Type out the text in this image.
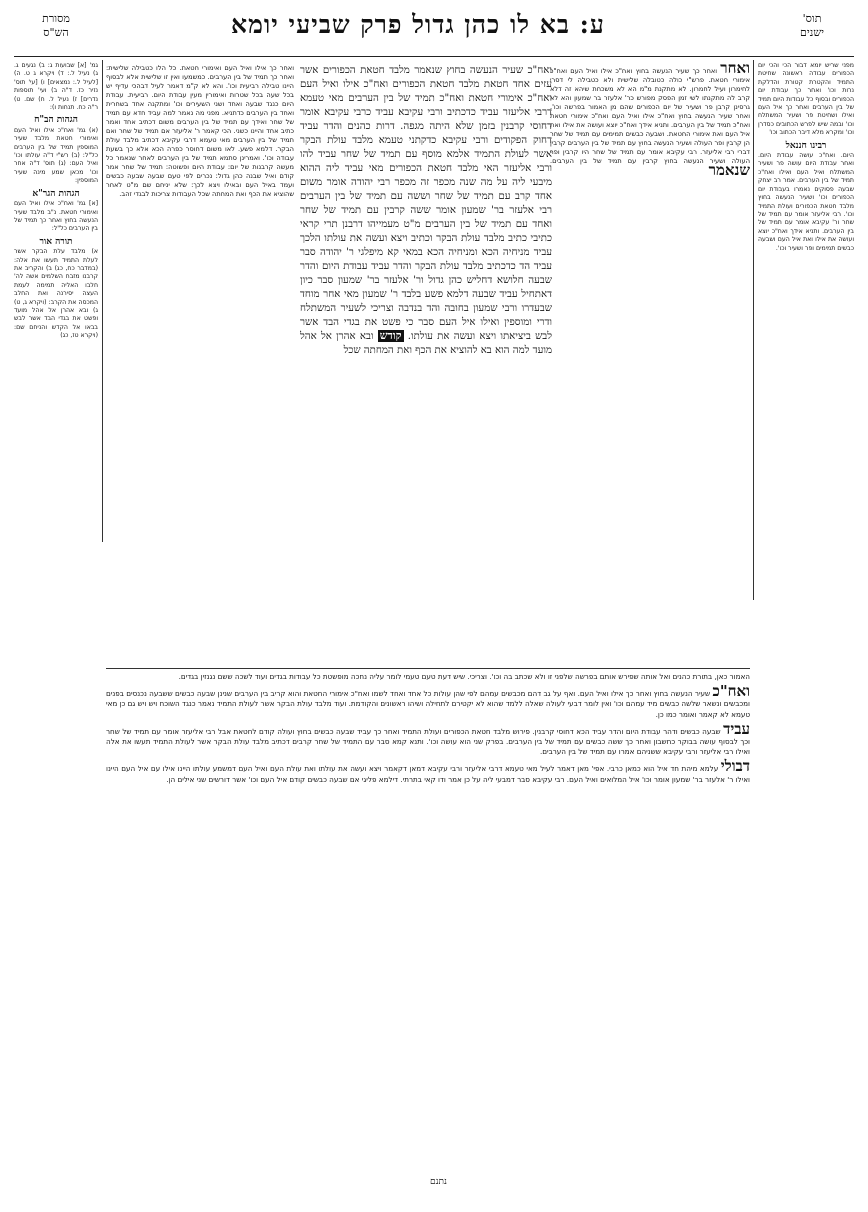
מסורת
הש"ס	ע: בא לו כהן גדול פרק שביעי יומא	תוס'
ישנים
גמ' [א] שבועות ג: ב) נגעים ג. ג) נעיל ל.: ד) ויקרא ג ט. ה) [לעיל ל.: נמצאים] ו) [עי' תוס' נזיר כז. ד"ה ב) ועי' תוספות נדרים] ז) נעיל ל. ח) שם. ט) ר"ה כח. תנחות ו):
הגהות הב"ח
(א) גמ' ואח"כ אילו ואיל העם ואימורי חטאת מלבד שעיר המוספין תמיד של בין הערבים כל"ל: (ב) רש"י ד"ה עולתו וכו' ואיל העם: (ג) תוס' ד"ה אחר וכו' מכאן שמע מינה שעיר המוספין:
הגהות הגר"א
[א] גמ' ואח"כ אילו ואיל העם ואימורי חטאת. נ"ב מלבד שעיר הנעשה בחוץ ואחר כך תמיד של בין הערבים כל"ל:
תורה אור
א) מלבד עלת הבקר אשר לעלת התמיד תעשו את אלה: (במדבר כח, כג) ב) והקריב את קרבנו מזבח השלמים אשה לה' חלבו האליה תמימה לעמת העצה יסירנה ואת החלב המכסה את הקרב: (ויקרא ג, ט) ג) ובא אהרן אל אהל מועד ופשט את בגדי הבד אשר לבש בבאו אל הקדש והניחם שם: (ויקרא טז, כג)
מפני שריש יומא דבור הכי והכי יום הכפורים עבודה ראשונה שחיטת התמיד והקטרת קטורת והדלקת נרות וכו' ואחר כך עבודת יום הכפורים ובסוף כל עבודות היום תמיד של בין הערבים ואחר כך איל העם ואילו ושחיטת פר ושעיר המשתלח וכו' ובמה שיש לפרש הכתובים כסדרן וכו' ומקרא מלא דיבר הכתוב וכו'
רבינו חננאל
היום. ואח"כ עושה עבודת היום. ואחר עבודת היום עושה פר ושעיר המשתלח ואיל העם ואילו ואח"כ תמיד של בין הערבים. אמר רב יצחק שבעה פסוקים נאמרו בעבודת יום הכפורים וכו' ושעיר הנעשה בחוץ מלבד חטאת הכפורים ועולת התמיד וכו'. רבי אליעזר אומר עם תמיד של שחר ור' עקיבא אומר עם תמיד של בין הערבים. ותניא אידך ואח"כ יוצא ועושה את אילו ואת איל העם ושבעה כבשים תמימים ופר ושעיר וכו'.
ואחר ואחר כך שעיר הנעשה בחוץ ואח"כ אילו ואיל העם ואח"כ אימורי חטאת. פרש"י כולה כטובלה שלישית ולא כטבילה לי דסרי לחימרון ועיל לחמרון. לא מתקנת מ"מ הא לא משכחת שיהא זה דלא קרב לה מתקנתו לשי זמן הפסק מפורש כר' אלעזר בר שמעון והא לא גרסינן קרבן פר ושעיר של יום הכפורים שהם מן האמור בפרשה וכו'. ואחר שעיר הנעשה בחוץ ואח"כ אילו ואיל העם ואח"כ אימורי חטאת ואח"כ תמיד של בין הערבים. ותניא אידך ואח"כ יוצא ועושה את אילו ואת איל העם ואת אימורי החטאת. ושבעה כבשים תמימים עם תמיד של שחר הן קרבין ופר העולה ושעיר הנעשה בחוץ עם תמיד של בין הערבים קרבין דברי רבי אליעזר. רבי עקיבא אומר עם תמיד של שחר היו קרבין ופר העולה ושעיר הנעשה בחוץ קרבין עם תמיד של בין הערבים. שנאמר
ואח"כ שעיר הנעשה בחוץ שנאמר מלבד חטאת הכפורים אשר עזים אחד חטאת מלבד חטאת הכפורים ואח"כ אילו ואיל העם ואח"כ אימורי חטאת ואח"כ תמיד של בין הערבים מאי טעמא דרבי אליעזר עביד כדכתיב ורבי עקיבא עביד כרבי עקיבא אומר דחוסי קרבנין בזמן שלא היתה מגפה. דרות כהנים והדר עביד דחוק הפקודים ורבי עקיבא כדקתני טעמא מלבד עולת הבקר אשר לעולת התמיד אלמא מוסף עם תמיד של שחר עביד להו ורבי אליעזר האי מלבד חטאת הכפורים מאי עביד ליה ההוא מיבעי ליה על מה שנה מכפר זה מכפר רבי יהודה אומר משום אחד קרב עם תמיד של שחר וששה עם תמיד של בין הערבים רבי אלעזר בר' שמעון אומר ששה קרבין עם תמיד של שחר ואחד עם תמיד של בין הערבים מ"ט מעמייהו דרבנן תרי קראי כתיבי כתיב מלבד עולת הבקר וכתיב ויצא ועשה את עולתו הלכך עביד מניחיה הכא ומניחיה הכא במאי קא מיפלגי ר' יהודה סבר עביד הד כדכתיב מלבד עולת הבקר והדר עביד עבודת היום והדר שבעה חלושא דחליש כהן גדול ור' אלעזר בר' שמעון סבר כיון דאתחיל עביד שבעה דלמא פשע בלבד ר' שמעון מאי אחר מוחד שבעדרו ורבי שמעון בחובה והד בנדבה וצריכי לשעיר המשתלח ודרי ומוספין ואילו איל העם סבר כי פשט את בגדי הבד אשר לבש ביציאתו ויצא ועשה את עולתו. קודש ובא אהרן אל אהל מועד למה הוא בא להוציא את הכף ואת המחתה שכל
ואחר כך אילו ואיל העם ואימורי חטאת. כל הלו כטבילה שלישית: ואחר כך תמיד של בין הערבים. כמשמעו ואין זו שלישית אלא לבסוף היינו טבילה רביעית וכו'. והא לא ק"מ דאמר לעיל דבהכי עדיף יש בכל שעה בכל שטרות ואימורין מעין עבודת היום. רביעית. עבודת היום כנגד שבעה ואחד ושני השעירים וכו' ומתקנה אחד בשחרית ואחד בין הערבים כדתניא. מפני מה נאמר למה עביד חדא עם תמיד של שחר ואידך עם תמיד של בין הערבים משום דכתיב אחד ואמר כתיב אחד והיינו כשני. הכי קאמר ר' אליעזר אם תמיד של שחר ואם תמיד של בין הערבים מאי טעמא דרבי עקיבא דכתיב מלבד עולת הבקר. דלמא פשע. לאו משום דחוסר כפרה הכא אלא כך בשעת עבודה וכו'. ואמרינן סתמא תמיד של בין הערבים לאחר שנאמר כל מעשה קרבנות של יום: עבודת היום ופשוטה: תמיד של שחר אמר קודם ואיל שבנה כהן גדול: נכרים לפי טעם שבעה שבעה כבשים ועמד באיל העם ובאילו ויצא לכך: שלא יניחם שם מ"ט לאחר שהוציא את הכף ואת המחתה שכל העבודות צריכות לבגדי זהב.

האמור כאן, בתורת כהנים ואל אותה שפירש אותם בפרשה שלפני זו ולא שכתב בה וכו'. וצריכי. שיש דעת טעם טעמי לומר עליה נחכה מופשטת כל עבודות בגדים ועוד לשכה ששם נגנזין בגדים.

ואח"כ שעיר הנעשה בחוץ ואחר כך אילו ואיל העם. ואף על גב דהם מכבשים עמהם לפי שהן עולות כל אחד ואחד לשמו ואח"כ אימורי החטאת והוא קריב בין הערבים שנינן שבעה כבשים ששבעה נכנסים בפנים ומכבשים ונשאר שלשה כבשים מיד עמהם וכו' ואין לומר דבעי לעולה שאלה ללמד שהוא לא יקטירם לתחילה ושיהו ראשונים והקודמת. ועוד מלבד עולת הבקר אשר לעולת התמיד נאמר כנגד השוכח ויש ויש גם כן מאי טעמא לא קאמר ואומר כמו כן.

עביד שבעה כבשים ודהר עבודת היום והדר עביד הכא דחוסי קרבנין. פירוש מלבד חטאת הכפורים ועולת התמיד ואחר כך עביד שבעה כבשים בחוץ ועולה קודם לחטאת אבל רבי אליעזר אומר עם תמיד של שחר וכך לבסוף עושה בבוקר כחשבון ואחר כך ששה כבשים עם תמיד של בין הערבים. בפרק שני הוא עושה וכו'. ותנא קמא סבר עם התמיד של שחר קרבים דכתיב מלבד עולת הבקר אשר לעולת התמיד תעשו את אלה ואילו רבי אליעזר ורבי עקיבא ששניהם אמרו עם תמיד של בין הערבים.

דבולי עלמא מיהת חד איל הוא כמאן כרבי. אפי' מאן דאמר לעיל מאי טעמא דרבי אליעזר ורבי עקיבא דמאן דקאמר ויצא ועשה את עולתו ואת עולת העם ואיל העם דמשמע עולתו היינו אילו עם איל העם היינו ואילו ר' אלעזר בר' שמעון אומר וכו' איל המלואים ואיל העם. רבי עקיבא סבר דמבעי ליה על כן אמר ודו קאי בתרתי. דילמא פליגי אם שבעה כבשים קודם איל העם וכו' אשר דורשים שני אילים הן.

נתנם
